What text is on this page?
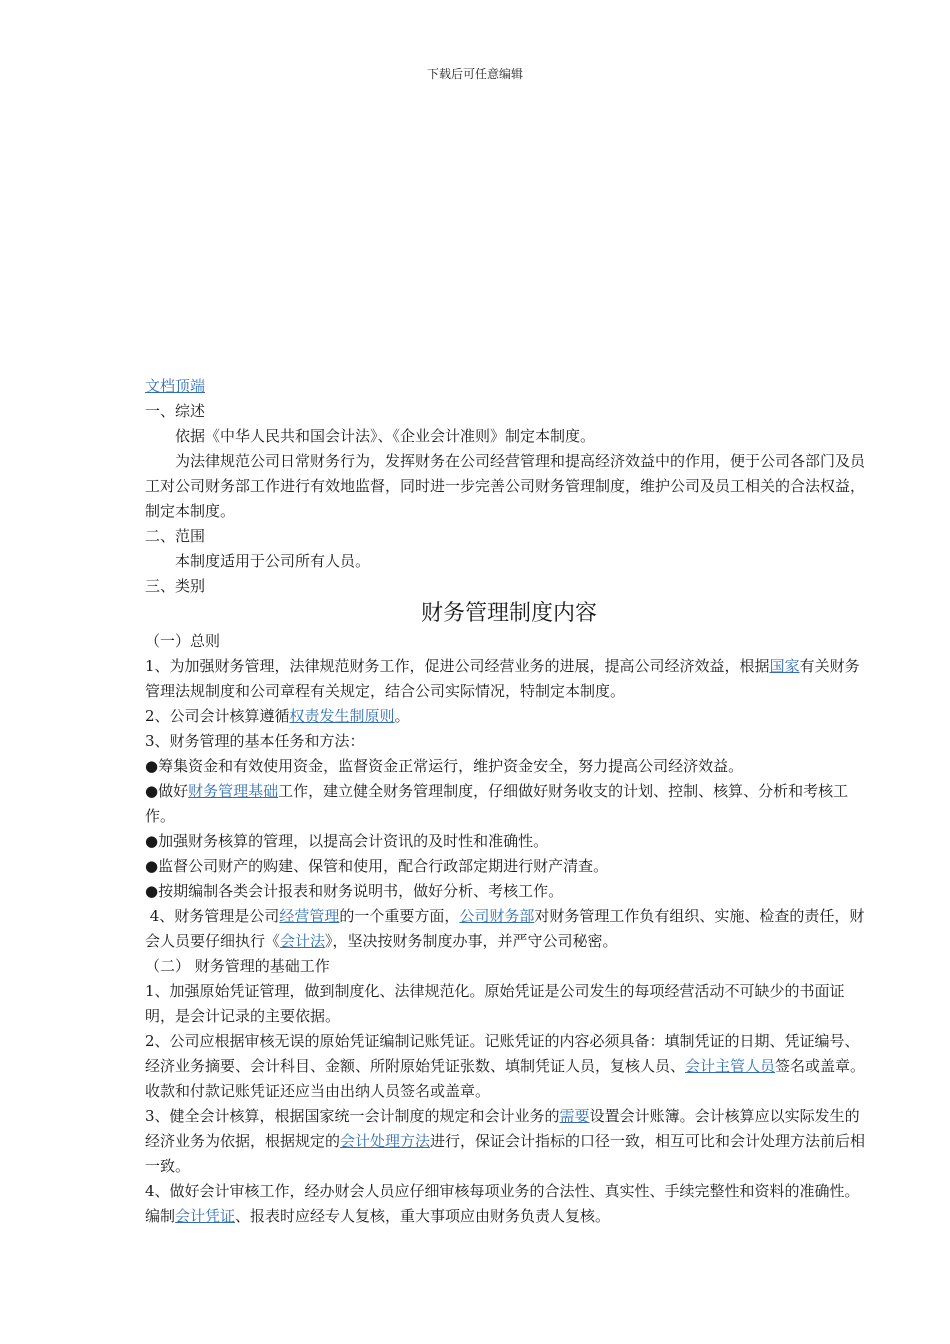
下载后可任意编辑

文档顶端

一、综述

依据《中华人民共和国会计法》、《企业会计准则》制定本制度。

为法律规范公司日常财务行为，发挥财务在公司经营管理和提高经济效益中的作用，便于公司各部门及员工对公司财务部工作进行有效地监督，同时进一步完善公司财务管理制度，维护公司及员工相关的合法权益，制定本制度。

二、范围

本制度适用于公司所有人员。

三、类别

财务管理制度内容

（一）总则

1、为加强财务管理，法律规范财务工作，促进公司经营业务的进展，提高公司经济效益，根据国家有关财务管理法规制度和公司章程有关规定，结合公司实际情况，特制定本制度。

2、公司会计核算遵循权责发生制原则。

3、财务管理的基本任务和方法：

●筹集资金和有效使用资金，监督资金正常运行，维护资金安全，努力提高公司经济效益。

●做好财务管理基础工作，建立健全财务管理制度，仔细做好财务收支的计划、控制、核算、分析和考核工作。

●加强财务核算的管理，以提高会计资讯的及时性和准确性。

●监督公司财产的购建、保管和使用，配合行政部定期进行财产清查。

●按期编制各类会计报表和财务说明书，做好分析、考核工作。

4、财务管理是公司经营管理的一个重要方面，公司财务部对财务管理工作负有组织、实施、检查的责任，财会人员要仔细执行《会计法》，坚决按财务制度办事，并严守公司秘密。

（二） 财务管理的基础工作

1、加强原始凭证管理，做到制度化、法律规范化。原始凭证是公司发生的每项经营活动不可缺少的书面证明，是会计记录的主要依据。

2、公司应根据审核无误的原始凭证编制记账凭证。记账凭证的内容必须具备：填制凭证的日期、凭证编号、经济业务摘要、会计科目、金额、所附原始凭证张数、填制凭证人员，复核人员、会计主管人员签名或盖章。收款和付款记账凭证还应当由出纳人员签名或盖章。

3、健全会计核算，根据国家统一会计制度的规定和会计业务的需要设置会计账簿。会计核算应以实际发生的经济业务为依据，根据规定的会计处理方法进行，保证会计指标的口径一致，相互可比和会计处理方法前后相一致。

4、做好会计审核工作，经办财会人员应仔细审核每项业务的合法性、真实性、手续完整性和资料的准确性。编制会计凭证、报表时应经专人复核，重大事项应由财务负责人复核。
